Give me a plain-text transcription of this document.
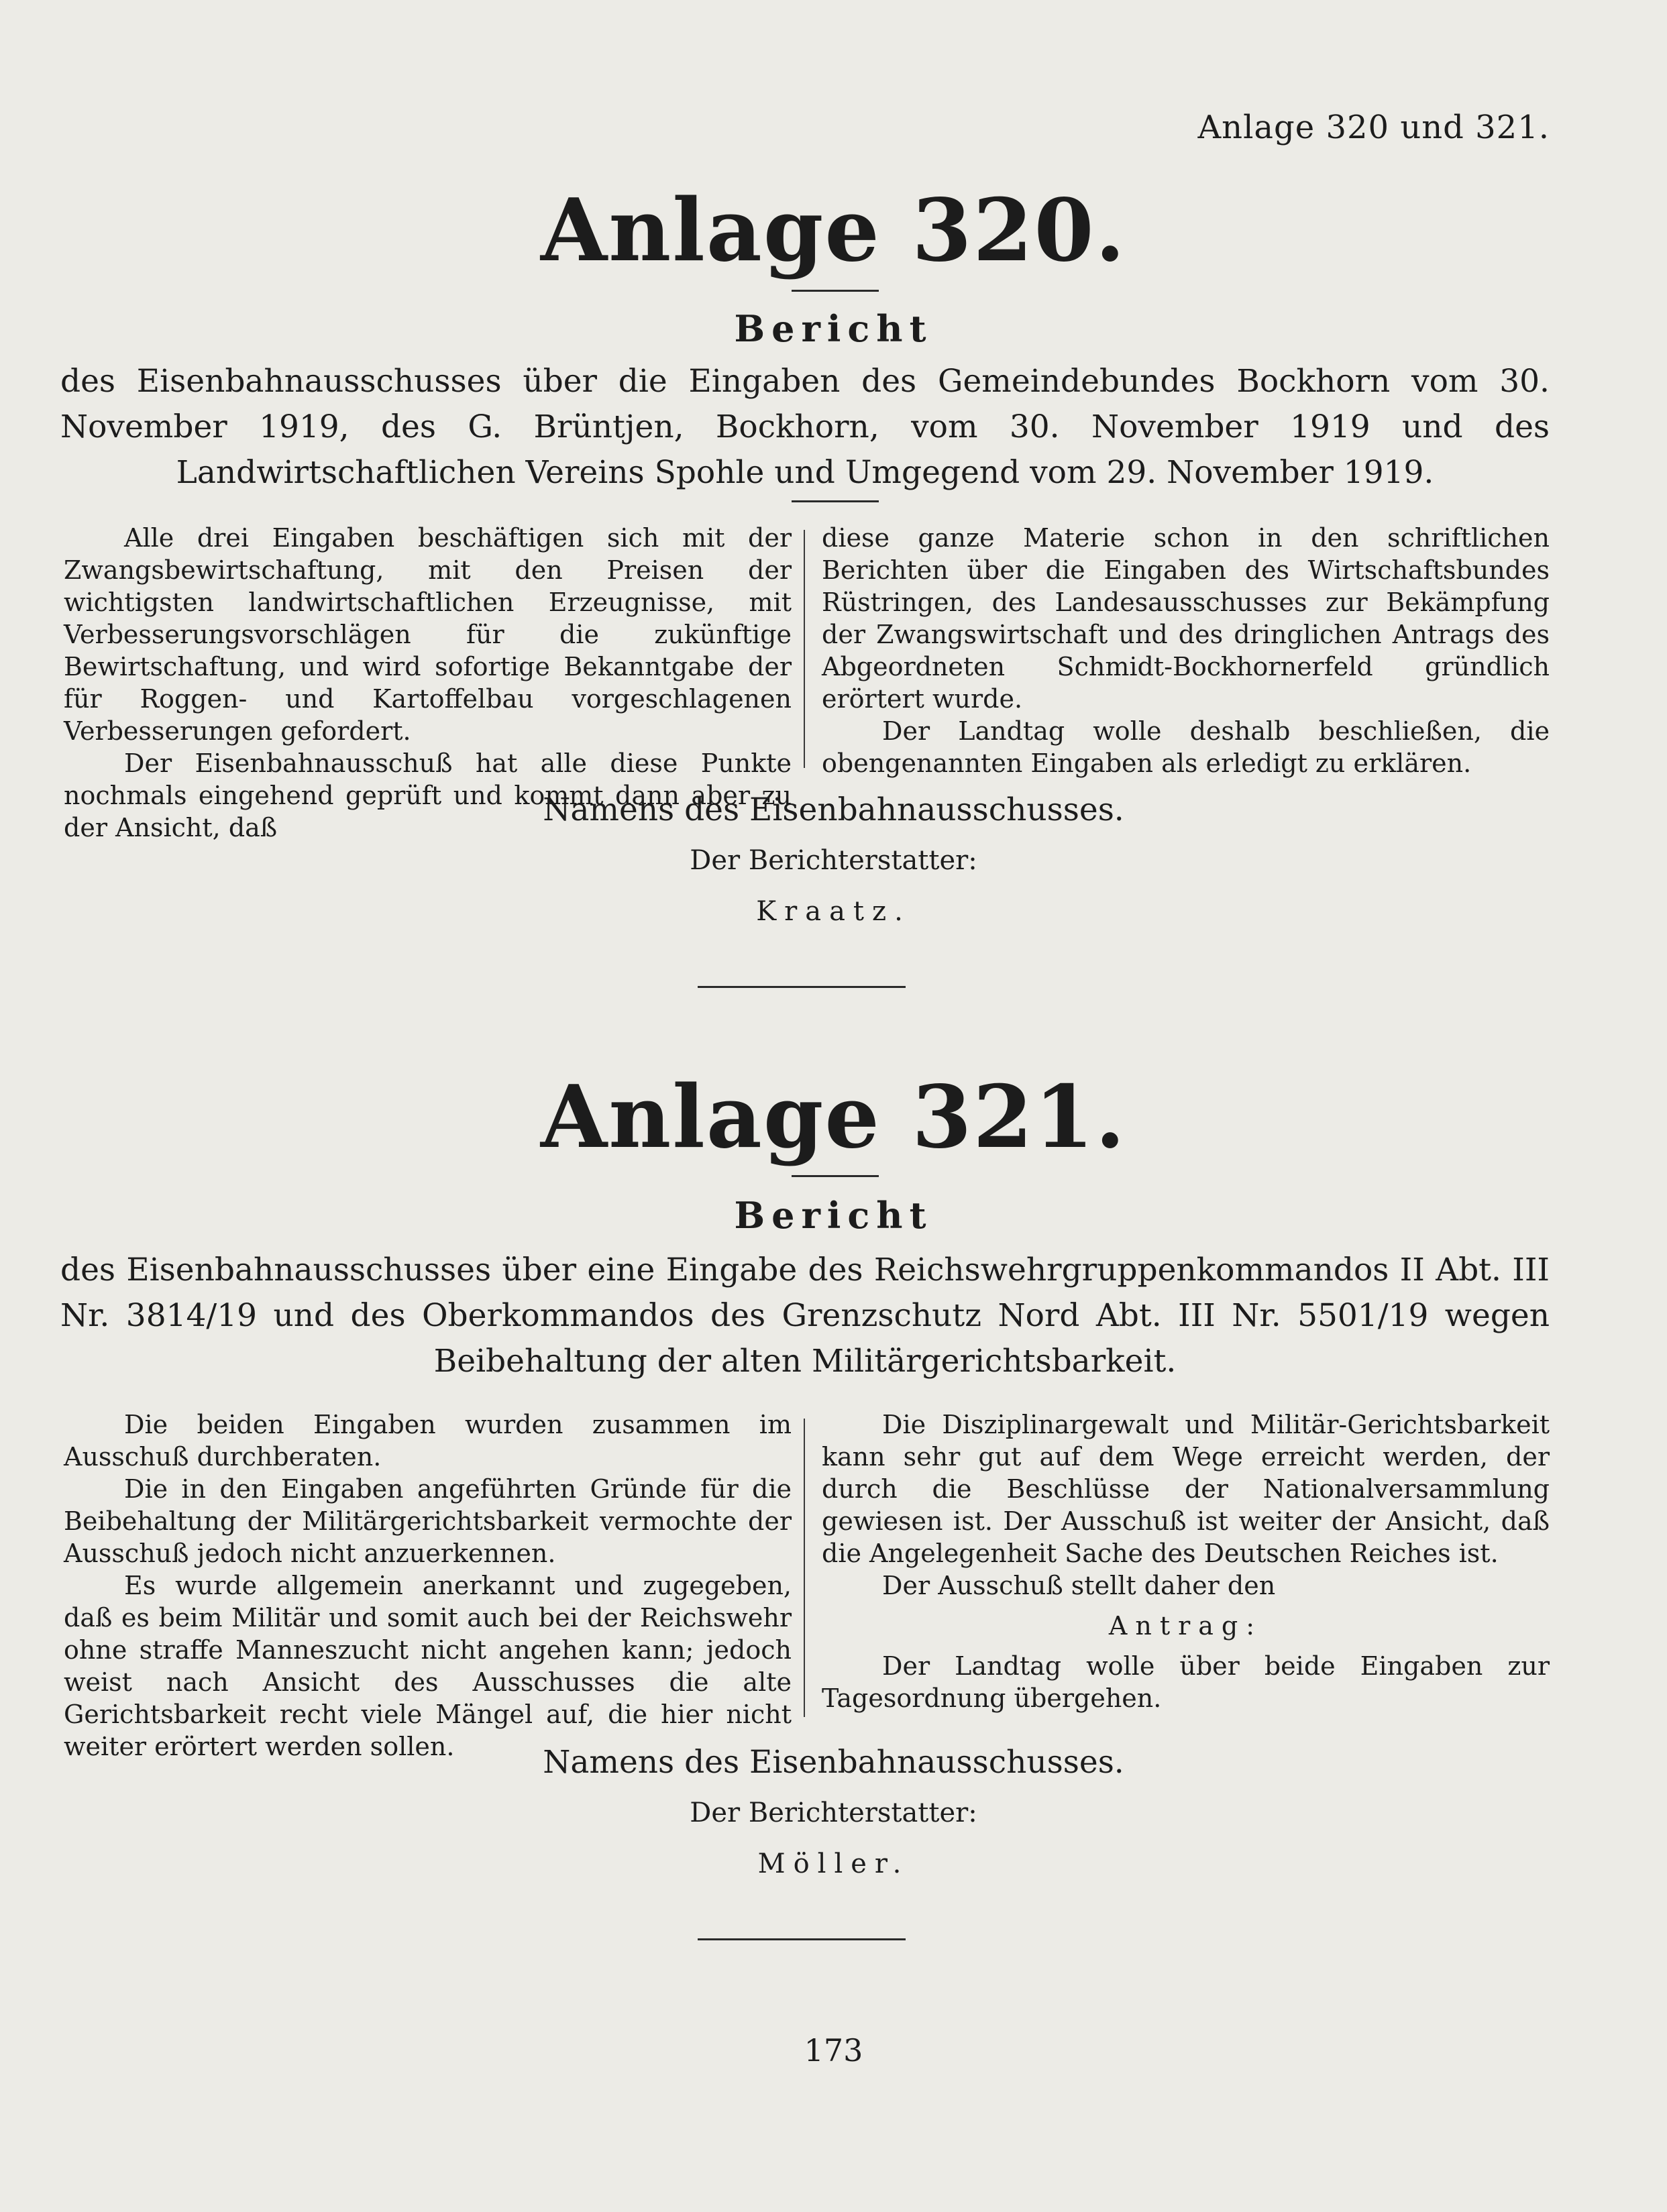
Anlage 320 und 321.
Anlage 320.
Bericht
des Eisenbahnausschusses über die Eingaben des Gemeindebundes Bockhorn vom 30. November 1919, des G. Brüntjen, Bockhorn, vom 30. November 1919 und des Landwirtschaftlichen Vereins Spohle und Umgegend vom 29. November 1919.

Alle drei Eingaben beschäftigen sich mit der Zwangsbewirtschaftung, mit den Preisen der wichtigsten landwirtschaftlichen Erzeugnisse, mit Verbesserungsvorschlägen für die zukünftige Bewirtschaftung, und wird sofortige Bekanntgabe der für Roggen- und Kartoffelbau vorgeschlagenen Verbesserungen gefordert.

Der Eisenbahnausschuß hat alle diese Punkte nochmals eingehend geprüft und kommt dann aber zu der Ansicht, daß

diese ganze Materie schon in den schriftlichen Berichten über die Eingaben des Wirtschaftsbundes Rüstringen, des Landesausschusses zur Bekämpfung der Zwangswirtschaft und des dringlichen Antrags des Abgeordneten Schmidt-Bockhornerfeld gründlich erörtert wurde.

Der Landtag wolle deshalb beschließen, die obengenannten Eingaben als erledigt zu erklären.

Namens des Eisenbahnausschusses.
Der Berichterstatter:
Kraatz.
Anlage 321.
Bericht
des Eisenbahnausschusses über eine Eingabe des Reichswehrgruppenkommandos II Abt. III Nr. 3814/19 und des Oberkommandos des Grenzschutz Nord Abt. III Nr. 5501/19 wegen Beibehaltung der alten Militärgerichtsbarkeit.

Die beiden Eingaben wurden zusammen im Ausschuß durchberaten.

Die in den Eingaben angeführten Gründe für die Beibehaltung der Militärgerichtsbarkeit vermochte der Ausschuß jedoch nicht anzuerkennen.

Es wurde allgemein anerkannt und zugegeben, daß es beim Militär und somit auch bei der Reichswehr ohne straffe Manneszucht nicht angehen kann; jedoch weist nach Ansicht des Ausschusses die alte Gerichtsbarkeit recht viele Mängel auf, die hier nicht weiter erörtert werden sollen.

Die Disziplinargewalt und Militär-Gerichtsbarkeit kann sehr gut auf dem Wege erreicht werden, der durch die Beschlüsse der Nationalversammlung gewiesen ist. Der Ausschuß ist weiter der Ansicht, daß die Angelegenheit Sache des Deutschen Reiches ist.

Der Ausschuß stellt daher den

Antrag:

Der Landtag wolle über beide Eingaben zur Tagesordnung übergehen.

Namens des Eisenbahnausschusses.
Der Berichterstatter:
Möller.
173
